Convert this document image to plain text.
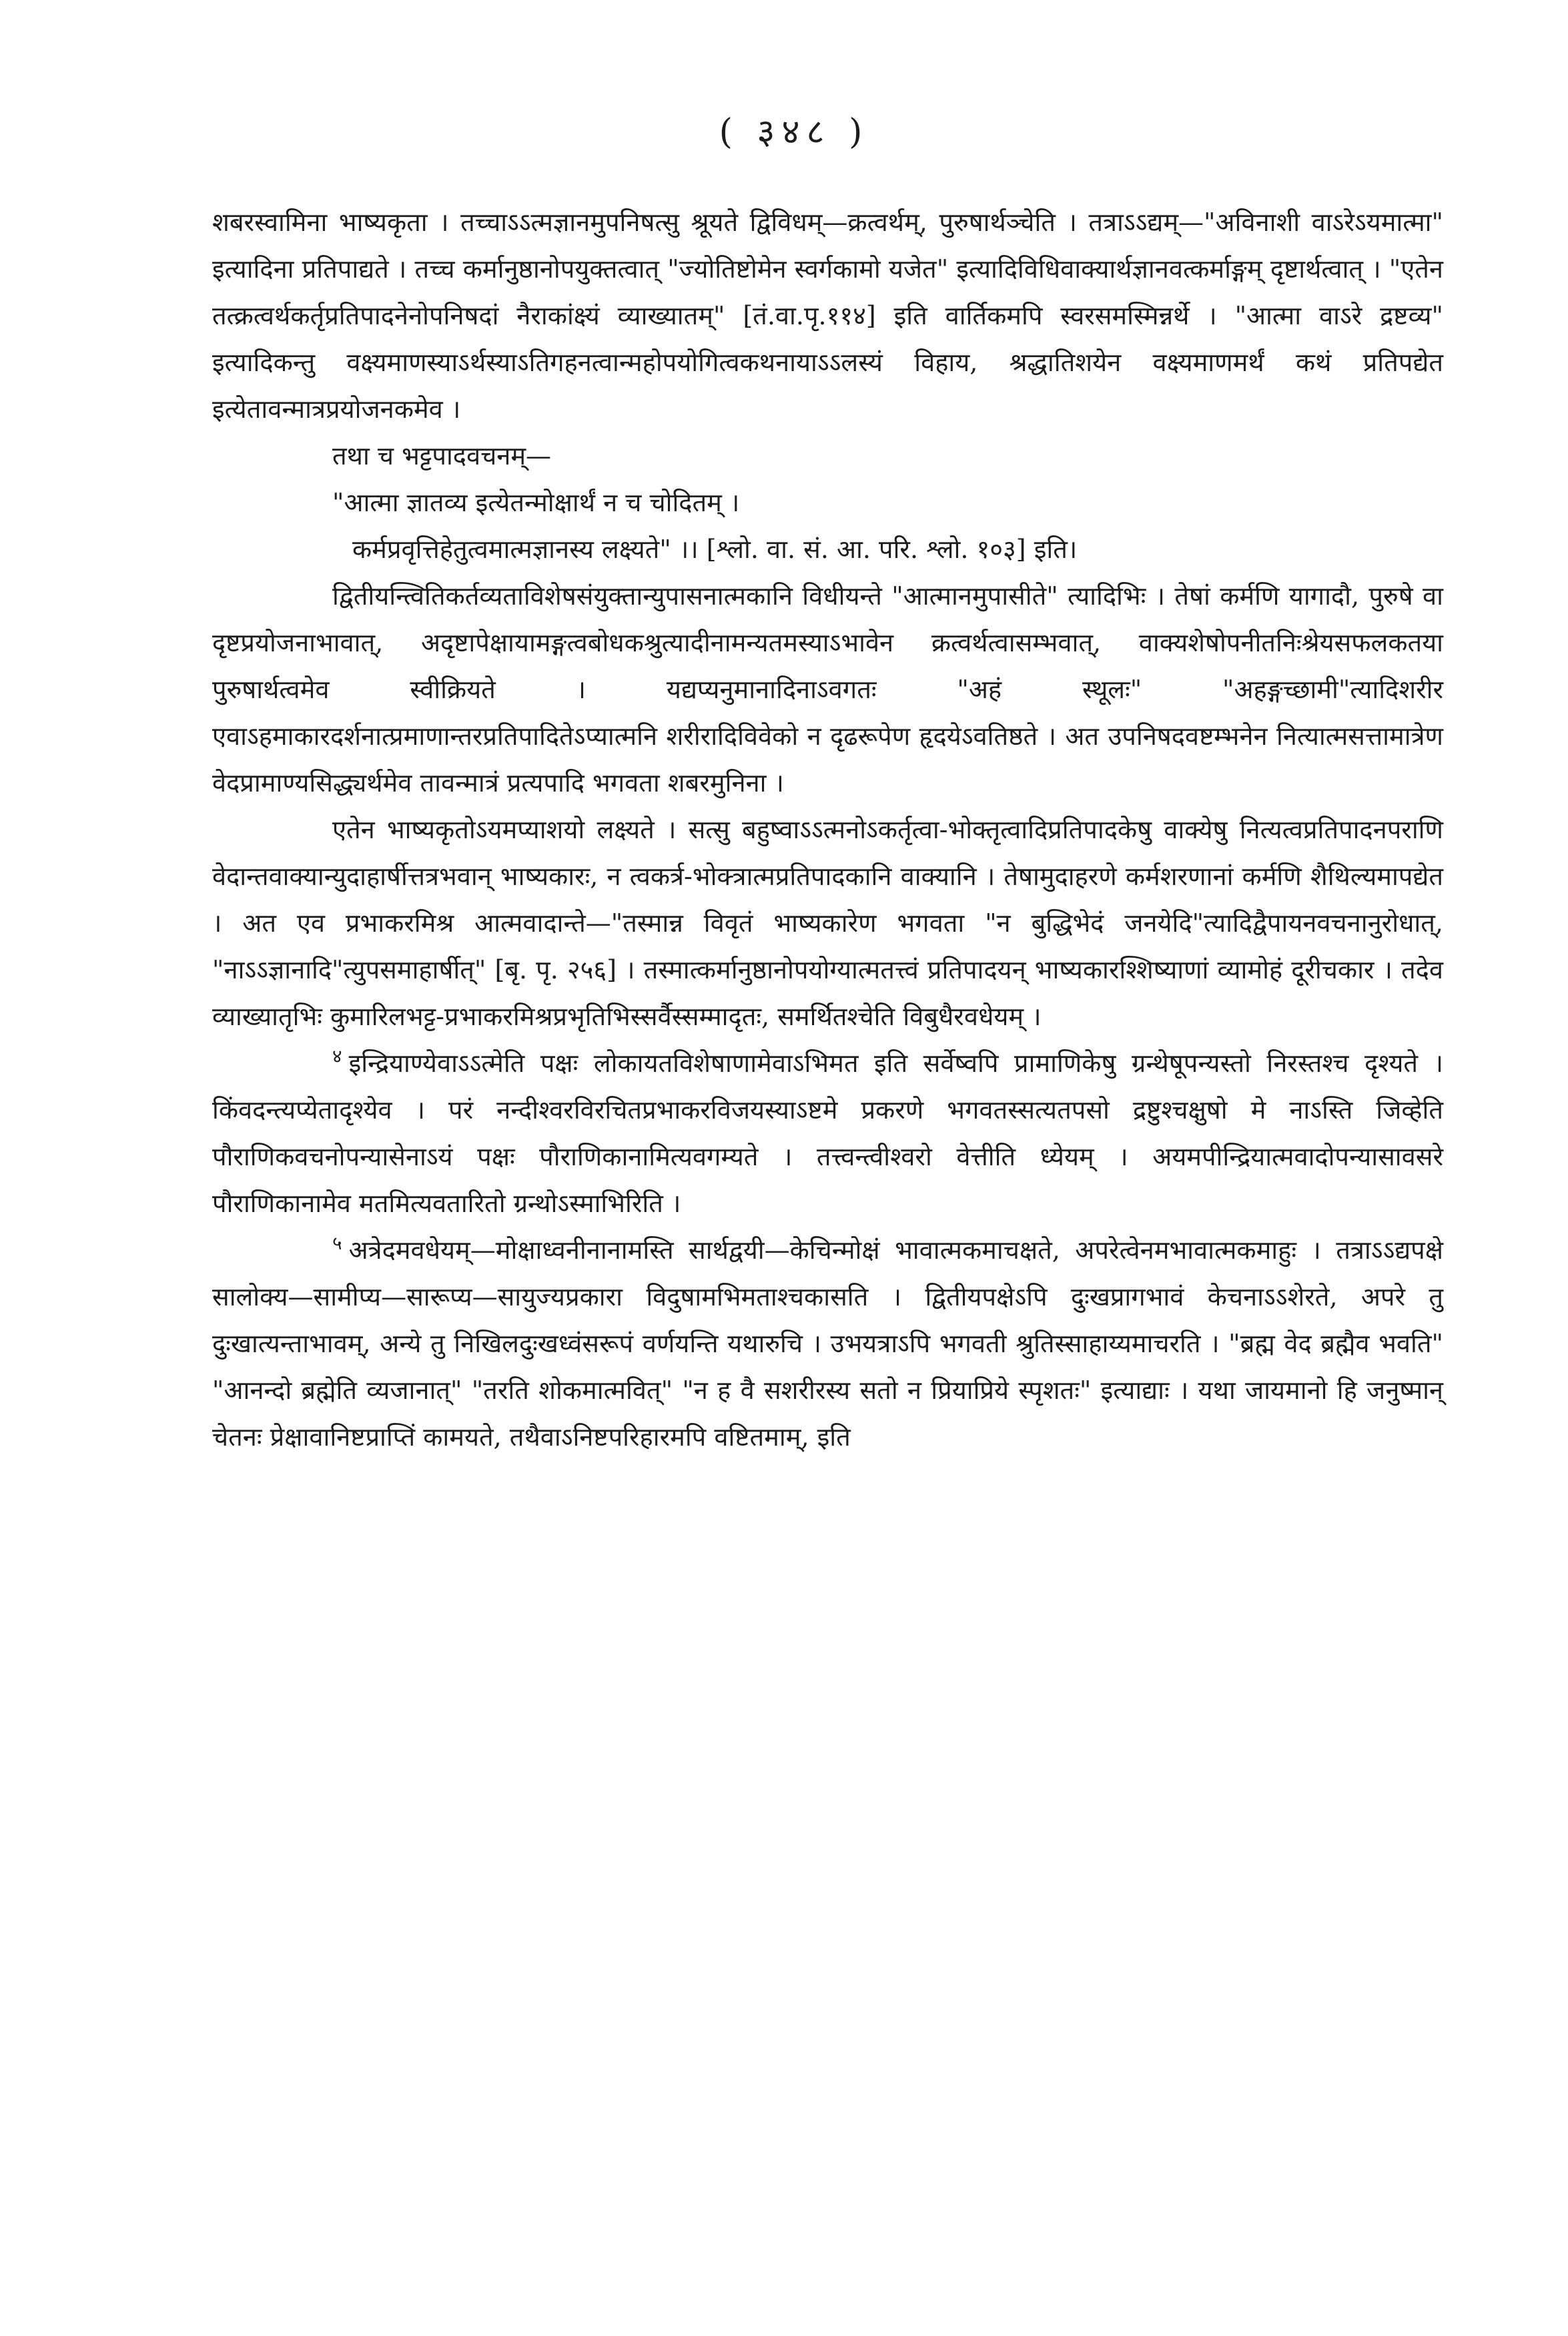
( ३४८ )

शबरस्वामिना भाष्यकृता । तच्चाऽऽत्मज्ञानमुपनिषत्सु श्रूयते द्विविधम्—क्रत्वर्थम्, पुरुषार्थञ्चेति । तत्राऽऽद्यम्—"अविनाशी वाऽरेऽयमात्मा" इत्यादिना प्रतिपाद्यते । तच्च कर्मानुष्ठानोपयुक्तत्वात् "ज्योतिष्टोमेन स्वर्गकामो यजेत" इत्यादिविधिवाक्यार्थज्ञानवत्कर्माङ्गम् दृष्टार्थत्वात् । "एतेन तत्क्रत्वर्थकर्तृप्रतिपादनेनोपनिषदां नैराकांक्ष्यं व्याख्यातम्" [तं.वा.पृ.११४] इति वार्तिकमपि स्वरसमस्मिन्नर्थे । "आत्मा वाऽरे द्रष्टव्य" इत्यादिकन्तु वक्ष्यमाणस्याऽर्थस्याऽतिगहनत्वान्महोपयोगित्वकथनायाऽऽलस्यं विहाय, श्रद्धातिशयेन वक्ष्यमाणमर्थं कथं प्रतिपद्येत इत्येतावन्मात्रप्रयोजनकमेव ।

तथा च भट्टपादवचनम्—

"आत्मा ज्ञातव्य इत्येतन्मोक्षार्थं न च चोदितम् ।

कर्मप्रवृत्तिहेतुत्वमात्मज्ञानस्य लक्ष्यते" ।। [श्लो. वा. सं. आ. परि. श्लो. १०३] इति।

द्वितीयन्त्वितिकर्तव्यताविशेषसंयुक्तान्युपासनात्मकानि विधीयन्ते "आत्मानमुपासीते" त्यादिभिः । तेषां कर्मणि यागादौ, पुरुषे वा दृष्टप्रयोजनाभावात्, अदृष्टापेक्षायामङ्गत्वबोधकश्रुत्यादीनामन्यतमस्याऽभावेन क्रत्वर्थत्वासम्भवात्, वाक्यशेषोपनीतनिःश्रेयसफलकतया पुरुषार्थत्वमेव स्वीक्रियते । यद्यप्यनुमानादिनाऽवगतः "अहं स्थूलः" "अहङ्गच्छामी"त्यादिशरीर एवाऽहमाकारदर्शनात्प्रमाणान्तरप्रतिपादितेऽप्यात्मनि शरीरादिविवेको न दृढरूपेण हृदयेऽवतिष्ठते । अत उपनिषदवष्टम्भनेन नित्यात्मसत्तामात्रेण वेदप्रामाण्यसिद्ध्यर्थमेव तावन्मात्रं प्रत्यपादि भगवता शबरमुनिना ।

एतेन भाष्यकृतोऽयमप्याशयो लक्ष्यते । सत्सु बहुष्वाऽऽत्मनोऽकर्तृत्वा-भोक्तृत्वादिप्रतिपादकेषु वाक्येषु नित्यत्वप्रतिपादनपराणि वेदान्तवाक्यान्युदाहार्षीत्तत्रभवान् भाष्यकारः, न त्वकर्त्र-भोक्त्रात्मप्रतिपादकानि वाक्यानि । तेषामुदाहरणे कर्मशरणानां कर्मणि शैथिल्यमापद्येत । अत एव प्रभाकरमिश्र आत्मवादान्ते—"तस्मान्न विवृतं भाष्यकारेण भगवता "न बुद्धिभेदं जनयेदि"त्यादिद्वैपायनवचनानुरोधात्, "नाऽऽज्ञानादि"त्युपसमाहार्षीत्" [बृ. पृ. २५६] । तस्मात्कर्मानुष्ठानोपयोग्यात्मतत्त्वं प्रतिपादयन् भाष्यकारश्शिष्याणां व्यामोहं दूरीचकार । तदेव व्याख्यातृभिः कुमारिलभट्ट-प्रभाकरमिश्रप्रभृतिभिस्सर्वैस्सम्मादृतः, समर्थितश्चेति विबुधैरवधेयम् ।

$^४$ इन्द्रियाण्येवाऽऽत्मेति पक्षः लोकायतविशेषाणामेवाऽभिमत इति सर्वेष्वपि प्रामाणिकेषु ग्रन्थेषूपन्यस्तो निरस्तश्च दृश्यते । किंवदन्त्यप्येतादृश्येव । परं नन्दीश्वरविरचितप्रभाकरविजयस्याऽष्टमे प्रकरणे भगवतस्सत्यतपसो द्रष्टुश्चक्षुषो मे नाऽस्ति जिव्हेति पौराणिकवचनोपन्यासेनाऽयं पक्षः पौराणिकानामित्यवगम्यते । तत्त्वन्त्वीश्वरो वेत्तीति ध्येयम् । अयमपीन्द्रियात्मवादोपन्यासावसरे पौराणिकानामेव मतमित्यवतारितो ग्रन्थोऽस्माभिरिति ।

$^५$ अत्रेदमवधेयम्—मोक्षाध्वनीनानामस्ति सार्थद्वयी—केचिन्मोक्षं भावात्मकमाचक्षते, अपरेत्वेनमभावात्मकमाहुः । तत्राऽऽद्यपक्षे सालोक्य—सामीप्य—सारूप्य—सायुज्यप्रकारा विदुषामभिमताश्चकासति । द्वितीयपक्षेऽपि दुःखप्रागभावं केचनाऽऽशेरते, अपरे तु दुःखात्यन्ताभावम्, अन्ये तु निखिलदुःखध्वंसरूपं वर्णयन्ति यथारुचि । उभयत्राऽपि भगवती श्रुतिस्साहाय्यमाचरति । "ब्रह्म वेद ब्रह्मैव भवति" "आनन्दो ब्रह्मेति व्यजानात्" "तरति शोकमात्मवित्" "न ह वै सशरीरस्य सतो न प्रियाप्रिये स्पृशतः" इत्याद्याः । यथा जायमानो हि जनुष्मान् चेतनः प्रेक्षावानिष्टप्राप्तिं कामयते, तथैवाऽनिष्टपरिहारमपि वष्टितमाम्, इति
